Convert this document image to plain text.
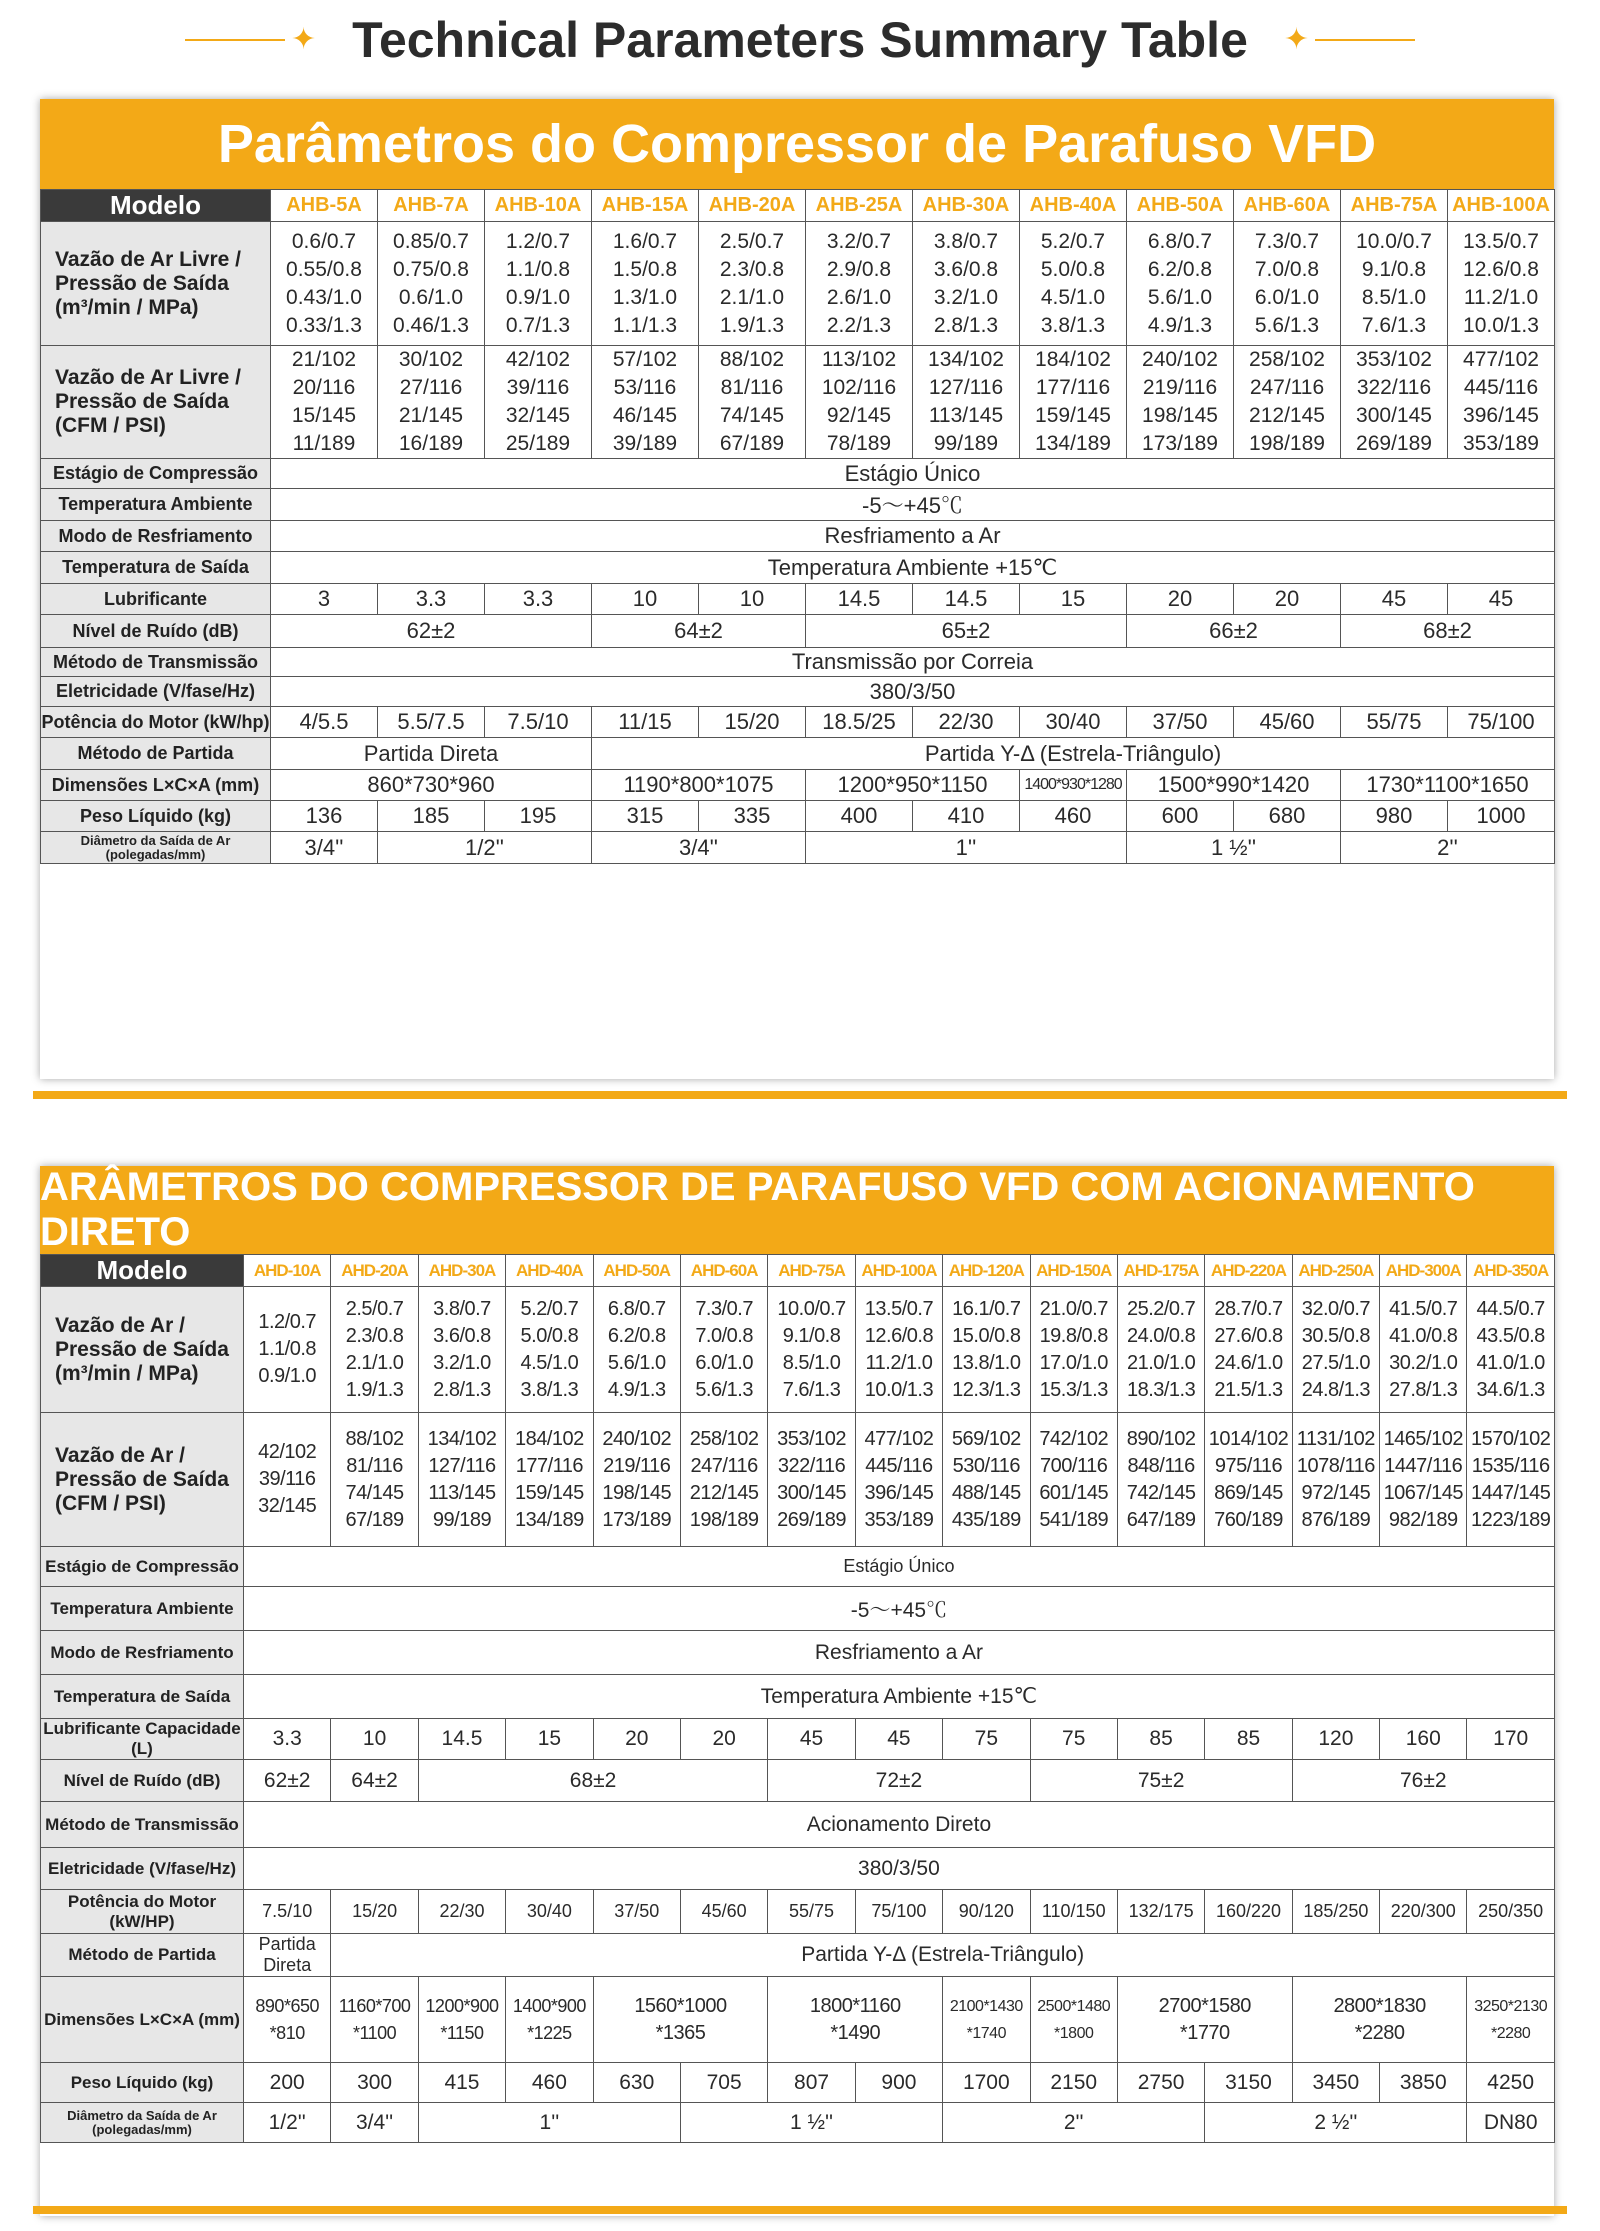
✦ Technical Parameters Summary Table ✦
Parâmetros do Compressor de Parafuso VFD
Modelo	AHB-5A	AHB-7A	AHB-10A	AHB-15A	AHB-20A	AHB-25A	AHB-30A	AHB-40A	AHB-50A	AHB-60A	AHB-75A	AHB-100A
Vazão de Ar Livre / Pressão de Saída (m³/min / MPa)	0.6/0.7
0.55/0.8
0.43/1.0
0.33/1.3	0.85/0.7
0.75/0.8
0.6/1.0
0.46/1.3	1.2/0.7
1.1/0.8
0.9/1.0
0.7/1.3	1.6/0.7
1.5/0.8
1.3/1.0
1.1/1.3	2.5/0.7
2.3/0.8
2.1/1.0
1.9/1.3	3.2/0.7
2.9/0.8
2.6/1.0
2.2/1.3	3.8/0.7
3.6/0.8
3.2/1.0
2.8/1.3	5.2/0.7
5.0/0.8
4.5/1.0
3.8/1.3	6.8/0.7
6.2/0.8
5.6/1.0
4.9/1.3	7.3/0.7
7.0/0.8
6.0/1.0
5.6/1.3	10.0/0.7
9.1/0.8
8.5/1.0
7.6/1.3	13.5/0.7
12.6/0.8
11.2/1.0
10.0/1.3

Vazão de Ar Livre / Pressão de Saída (CFM / PSI)	21/102
20/116
15/145
11/189	30/102
27/116
21/145
16/189	42/102
39/116
32/145
25/189	57/102
53/116
46/145
39/189	88/102
81/116
74/145
67/189	113/102
102/116
92/145
78/189	134/102
127/116
113/145
99/189	184/102
177/116
159/145
134/189	240/102
219/116
198/145
173/189	258/102
247/116
212/145
198/189	353/102
322/116
300/145
269/189	477/102
445/116
396/145
353/189

Estágio de Compressão	Estágio Único											
Temperatura Ambiente	-5～+45℃											
Modo de Resfriamento	Resfriamento a Ar											
Temperatura de Saída	Temperatura Ambiente +15℃											
Lubrificante	3	3.3	3.3	10	10	14.5	14.5	15	20	20	45	45
Nível de Ruído (dB)	62±2			64±2		65±2			66±2		68±2	
Método de Transmissão	Transmissão por Correia											
Eletricidade (V/fase/Hz)	380/3/50											
Potência do Motor (kW/hp)	4/5.5	5.5/7.5	7.5/10	11/15	15/20	18.5/25	22/30	30/40	37/50	45/60	55/75	75/100
Método de Partida	Partida Direta			Partida Y-Δ (Estrela-Triângulo)								
Dimensões L×C×A (mm)	860*730*960			1190*800*1075		1200*950*1150		1400*930*1280	1500*990*1420		1730*1100*1650	
Peso Líquido (kg)	136	185	195	315	335	400	410	460	600	680	980	1000
Diâmetro da Saída de Ar (polegadas/mm)	3/4''	1/2''		3/4''		1''			1 ½''		2''	
ARÂMETROS DO COMPRESSOR DE PARAFUSO VFD COM ACIONAMENTO DIRETO
Modelo	AHD-10A	AHD-20A	AHD-30A	AHD-40A	AHD-50A	AHD-60A	AHD-75A	AHD-100A	AHD-120A	AHD-150A	AHD-175A	AHD-220A	AHD-250A	AHD-300A	AHD-350A
Vazão de Ar / Pressão de Saída (m³/min / MPa)	1.2/0.7
1.1/0.8
0.9/1.0	2.5/0.7
2.3/0.8
2.1/1.0
1.9/1.3	3.8/0.7
3.6/0.8
3.2/1.0
2.8/1.3	5.2/0.7
5.0/0.8
4.5/1.0
3.8/1.3	6.8/0.7
6.2/0.8
5.6/1.0
4.9/1.3	7.3/0.7
7.0/0.8
6.0/1.0
5.6/1.3	10.0/0.7
9.1/0.8
8.5/1.0
7.6/1.3	13.5/0.7
12.6/0.8
11.2/1.0
10.0/1.3	16.1/0.7
15.0/0.8
13.8/1.0
12.3/1.3	21.0/0.7
19.8/0.8
17.0/1.0
15.3/1.3	25.2/0.7
24.0/0.8
21.0/1.0
18.3/1.3	28.7/0.7
27.6/0.8
24.6/1.0
21.5/1.3	32.0/0.7
30.5/0.8
27.5/1.0
24.8/1.3	41.5/0.7
41.0/0.8
30.2/1.0
27.8/1.3	44.5/0.7
43.5/0.8
41.0/1.0
34.6/1.3

Vazão de Ar / Pressão de Saída (CFM / PSI)	42/102
39/116
32/145	88/102
81/116
74/145
67/189	134/102
127/116
113/145
99/189	184/102
177/116
159/145
134/189	240/102
219/116
198/145
173/189	258/102
247/116
212/145
198/189	353/102
322/116
300/145
269/189	477/102
445/116
396/145
353/189	569/102
530/116
488/145
435/189	742/102
700/116
601/145
541/189	890/102
848/116
742/145
647/189	1014/102
975/116
869/145
760/189	1131/102
1078/116
972/145
876/189	1465/102
1447/116
1067/145
982/189	1570/102
1535/116
1447/145
1223/189

Estágio de Compressão	Estágio Único														
Temperatura Ambiente	-5～+45℃														
Modo de Resfriamento	Resfriamento a Ar														
Temperatura de Saída	Temperatura Ambiente +15℃														
Lubrificante Capacidade (L)	3.3	10	14.5	15	20	20	45	45	75	75	85	85	120	160	170
Nível de Ruído (dB)	62±2	64±2	68±2				72±2			75±2			76±2		
Método de Transmissão	Acionamento Direto														
Eletricidade (V/fase/Hz)	380/3/50														
Potência do Motor (kW/HP)	7.5/10	15/20	22/30	30/40	37/50	45/60	55/75	75/100	90/120	110/150	132/175	160/220	185/250	220/300	250/350
Método de Partida	Partida Direta	Partida Y-Δ (Estrela-Triângulo)													
Dimensões L×C×A (mm)	890*650
*810	1160*700
*1100	1200*900
*1150	1400*900
*1225	1560*1000
*1365		1800*1160
*1490		2100*1430
*1740	2500*1480
*1800	2700*1580
*1770		2800*1830
*2280		3250*2130
*2280

Peso Líquido (kg)	200	300	415	460	630	705	807	900	1700	2150	2750	3150	3450	3850	4250
Diâmetro da Saída de Ar (polegadas/mm)	1/2''	3/4''	1''			1 ½''			2''			2 ½''			DN80
